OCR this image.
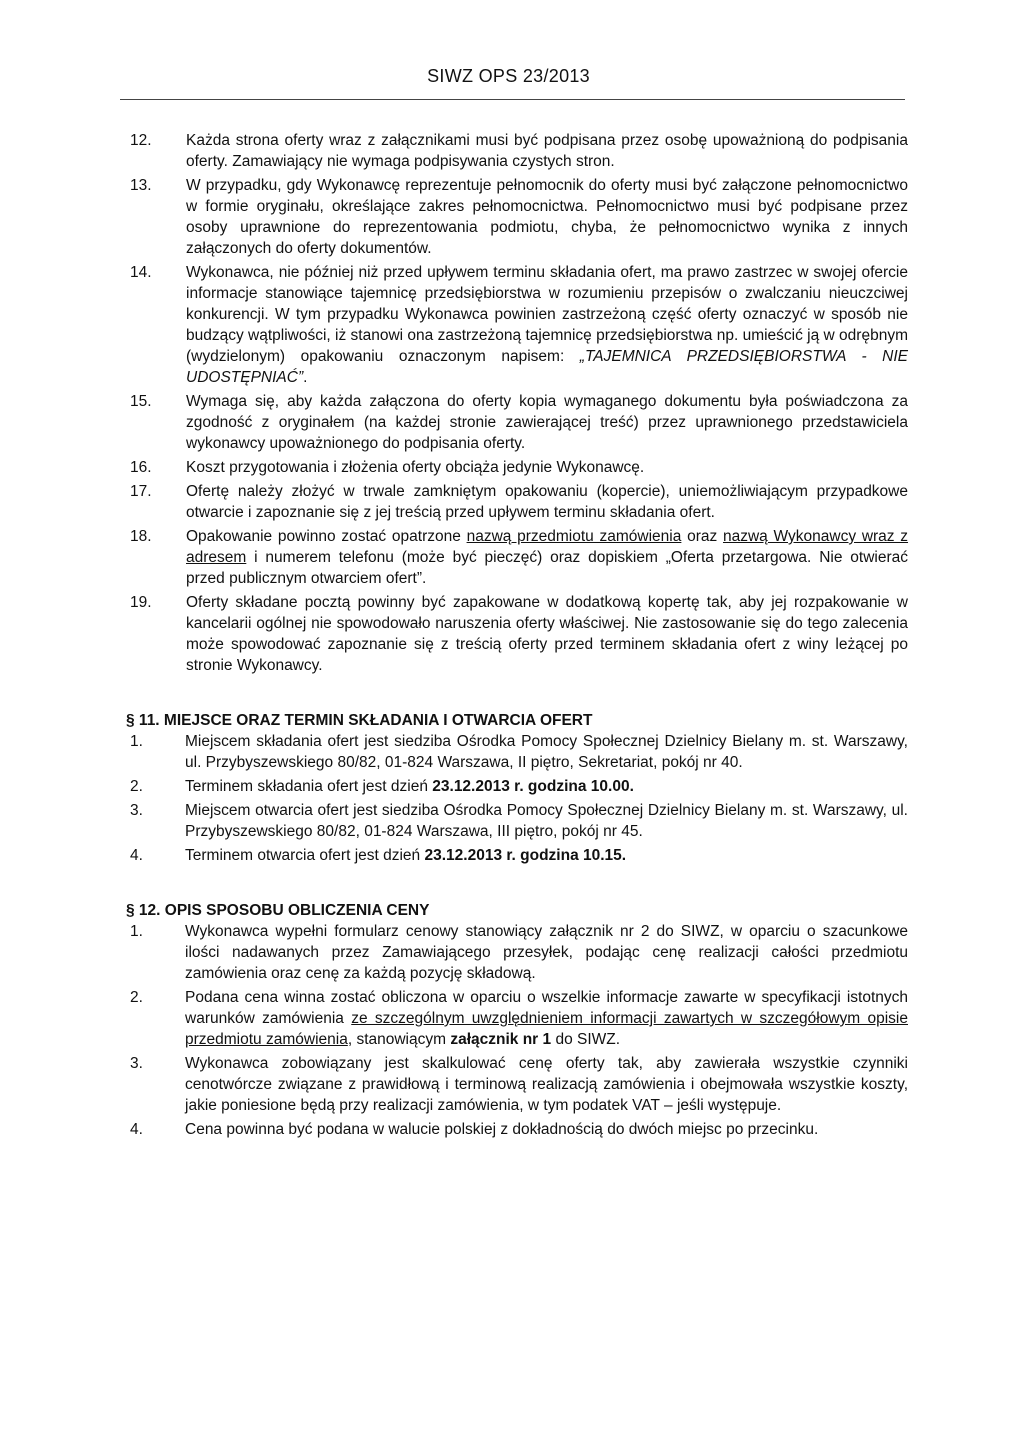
SIWZ OPS 23/2013
12. Każda strona oferty wraz z załącznikami musi być podpisana przez osobę upoważnioną do podpisania oferty. Zamawiający nie wymaga podpisywania czystych stron.
13. W przypadku, gdy Wykonawcę reprezentuje pełnomocnik do oferty musi być załączone pełnomocnictwo w formie oryginału, określające zakres pełnomocnictwa. Pełnomocnictwo musi być podpisane przez osoby uprawnione do reprezentowania podmiotu, chyba, że pełnomocnictwo wynika z innych załączonych do oferty dokumentów.
14. Wykonawca, nie później niż przed upływem terminu składania ofert, ma prawo zastrzec w swojej ofercie informacje stanowiące tajemnicę przedsiębiorstwa w rozumieniu przepisów o zwalczaniu nieuczciwej konkurencji. W tym przypadku Wykonawca powinien zastrzeżoną część oferty oznaczyć w sposób nie budzący wątpliwości, iż stanowi ona zastrzeżoną tajemnicę przedsiębiorstwa np. umieścić ją w odrębnym (wydzielonym) opakowaniu oznaczonym napisem: „TAJEMNICA PRZEDSIĘBIORSTWA - NIE UDOSTĘPNIAĆ”.
15. Wymaga się, aby każda załączona do oferty kopia wymaganego dokumentu była poświadczona za zgodność z oryginałem (na każdej stronie zawierającej treść) przez uprawnionego przedstawiciela wykonawcy upoważnionego do podpisania oferty.
16. Koszt przygotowania i złożenia oferty obciąża jedynie Wykonawcę.
17. Ofertę należy złożyć w trwale zamkniętym opakowaniu (kopercie), uniemożliwiającym przypadkowe otwarcie i zapoznanie się z jej treścią przed upływem terminu składania ofert.
18. Opakowanie powinno zostać opatrzone nazwą przedmiotu zamówienia oraz nazwą Wykonawcy wraz z adresem i numerem telefonu (może być pieczęć) oraz dopiskiem „Oferta przetargowa. Nie otwierać przed publicznym otwarciem ofert”.
19. Oferty składane pocztą powinny być zapakowane w dodatkową kopertę tak, aby jej rozpakowanie w kancelarii ogólnej nie spowodowało naruszenia oferty właściwej. Nie zastosowanie się do tego zalecenia może spowodować zapoznanie się z treścią oferty przed terminem składania ofert z winy leżącej po stronie Wykonawcy.
§ 11. MIEJSCE ORAZ TERMIN SKŁADANIA I OTWARCIA OFERT
1.	Miejscem składania ofert jest siedziba Ośrodka Pomocy Społecznej Dzielnicy Bielany m. st. Warszawy, ul. Przybyszewskiego 80/82, 01-824 Warszawa, II piętro, Sekretariat, pokój nr 40.
2.	Terminem składania ofert jest dzień 23.12.2013 r. godzina 10.00.
3.	Miejscem otwarcia ofert jest siedziba Ośrodka Pomocy Społecznej Dzielnicy Bielany m. st. Warszawy, ul. Przybyszewskiego 80/82, 01-824 Warszawa, III piętro, pokój nr 45.
4.	Terminem otwarcia ofert jest dzień 23.12.2013 r. godzina 10.15.
§ 12. OPIS SPOSOBU OBLICZENIA CENY
1.	Wykonawca wypełni formularz cenowy stanowiący załącznik nr 2 do SIWZ, w oparciu o szacunkowe ilości nadawanych przez Zamawiającego przesyłek, podając cenę realizacji całości przedmiotu zamówienia oraz cenę za każdą pozycję składową.
2.	Podana cena winna zostać obliczona w oparciu o wszelkie informacje zawarte w specyfikacji istotnych warunków zamówienia ze szczególnym uwzględnieniem informacji zawartych w szczegółowym opisie przedmiotu zamówienia, stanowiącym załącznik nr 1 do SIWZ.
3.	Wykonawca zobowiązany jest skalkulować cenę oferty tak, aby zawierała wszystkie czynniki cenotwórcze związane z prawidłową i terminową realizacją zamówienia i obejmowała wszystkie koszty, jakie poniesione będą przy realizacji zamówienia, w tym podatek VAT – jeśli występuje.
4.	Cena powinna być podana w walucie polskiej z dokładnością do dwóch miejsc po przecinku.
